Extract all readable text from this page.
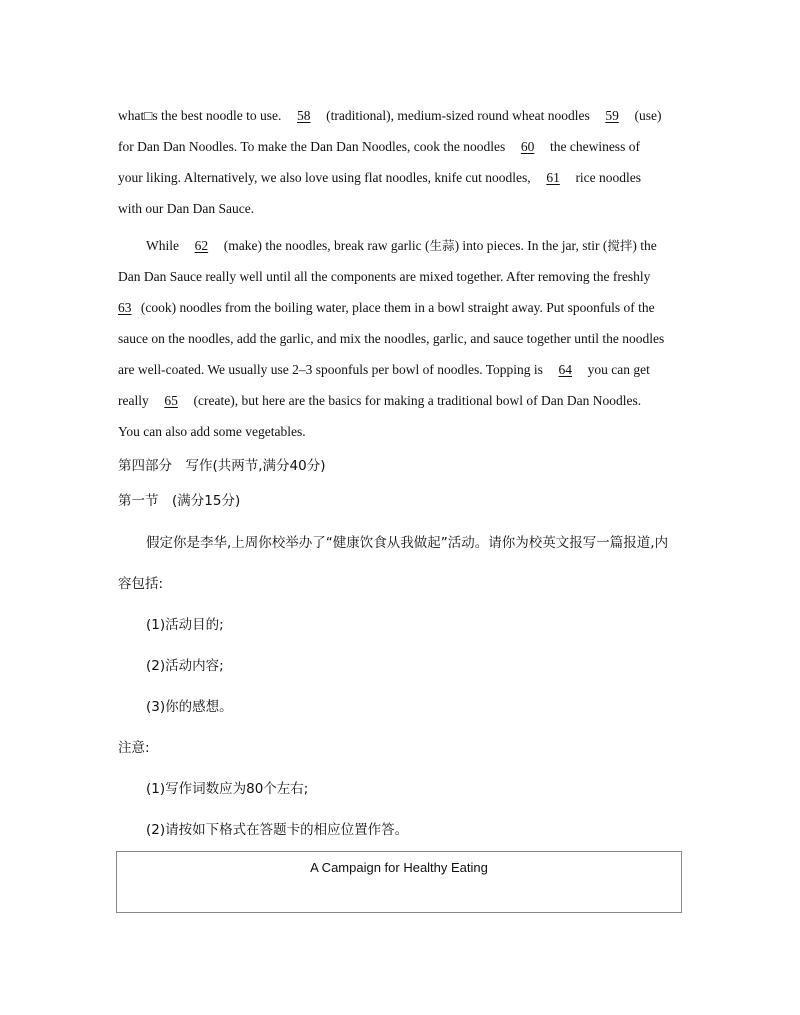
what□s the best noodle to use. 58 (traditional), medium-sized round wheat noodles 59 (use)
for Dan Dan Noodles. To make the Dan Dan Noodles, cook the noodles 60 the chewiness of
your liking. Alternatively, we also love using flat noodles, knife cut noodles, 61 rice noodles
with our Dan Dan Sauce.
While 62 (make) the noodles, break raw garlic (生蒜) into pieces. In the jar, stir (搅拌) the
Dan Dan Sauce really well until all the components are mixed together. After removing the freshly
63 (cook) noodles from the boiling water, place them in a bowl straight away. Put spoonfuls of the
sauce on the noodles, add the garlic, and mix the noodles, garlic, and sauce together until the noodles
are well-coated. We usually use 2–3 spoonfuls per bowl of noodles. Topping is 64 you can get
really 65 (create), but here are the basics for making a traditional bowl of Dan Dan Noodles.
You can also add some vegetables.
第四部分　写作(共两节,满分40分)
第一节　(满分15分)
假定你是李华,上周你校举办了“健康饮食从我做起”活动。请你为校英文报写一篇报道,内
容包括:
(1)活动目的;
(2)活动内容;
(3)你的感想。
注意:
(1)写作词数应为80个左右;
(2)请按如下格式在答题卡的相应位置作答。
A Campaign for Healthy Eating
